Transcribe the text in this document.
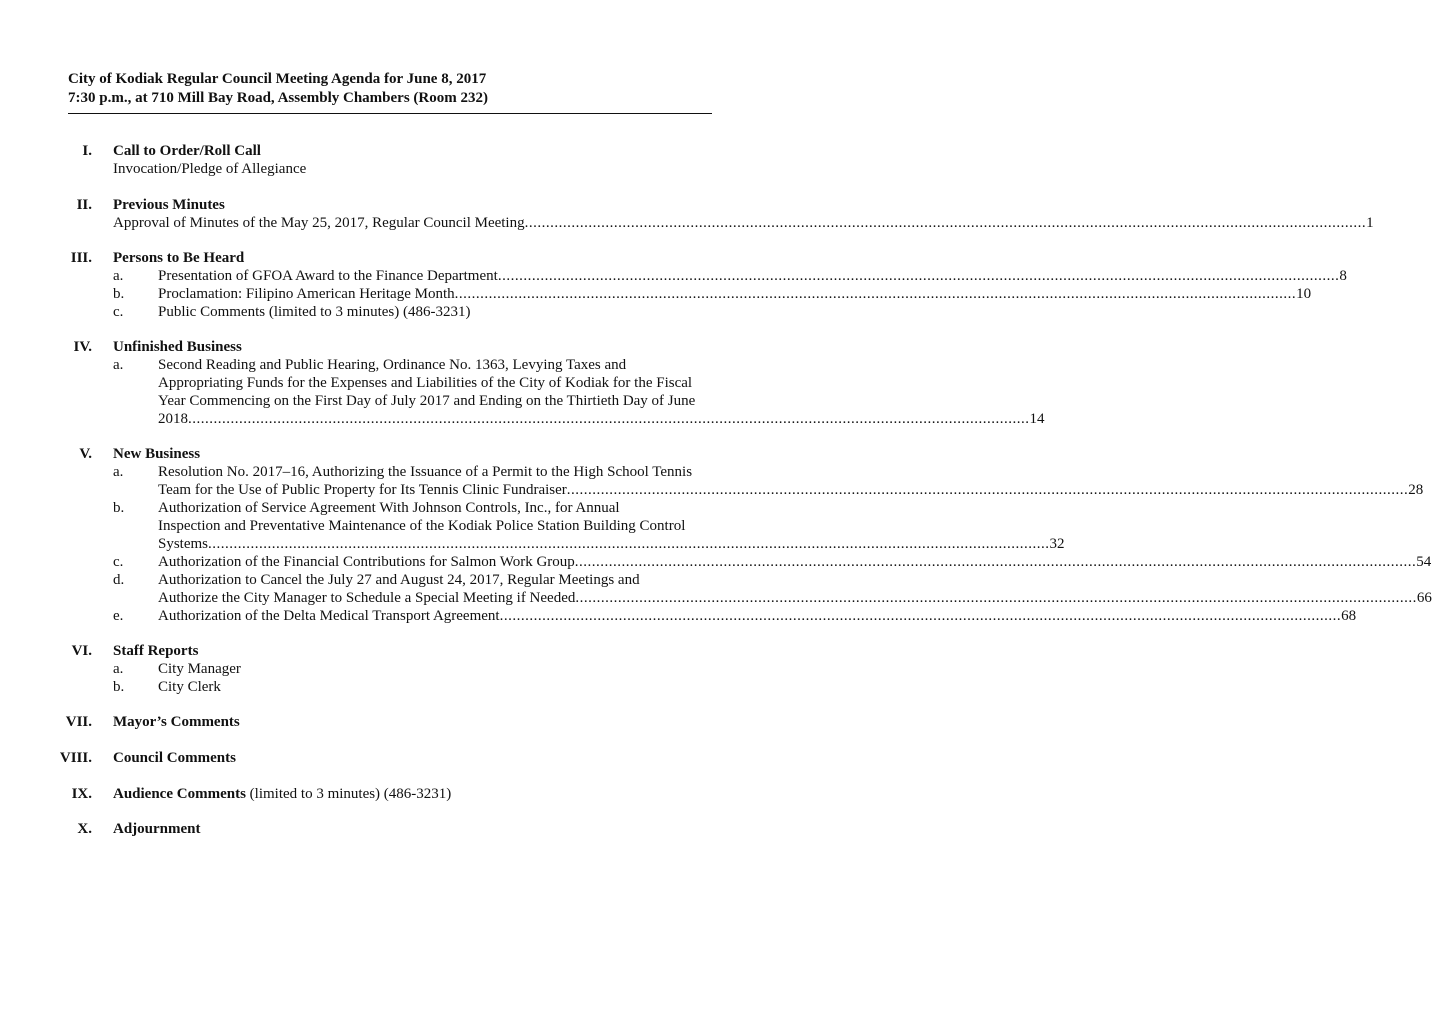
City of Kodiak Regular Council Meeting Agenda for June 8, 2017
7:30 p.m., at 710 Mill Bay Road, Assembly Chambers (Room 232)
I. Call to Order/Roll Call
Invocation/Pledge of Allegiance
II. Previous Minutes
Approval of Minutes of the May 25, 2017, Regular Council Meeting ...................................................................................................................................................................................................... 1
III. Persons to Be Heard
a. Presentation of GFOA Award to the Finance Department ...................................................................................................................................................................................................... 8
b. Proclamation: Filipino American Heritage Month ...................................................................................................................................................................................................... 10
c. Public Comments (limited to 3 minutes) (486-3231)
IV. Unfinished Business
a. Second Reading and Public Hearing, Ordinance No. 1363, Levying Taxes and
Appropriating Funds for the Expenses and Liabilities of the City of Kodiak for the Fiscal
Year Commencing on the First Day of July 2017 and Ending on the Thirtieth Day of June
2018 ...................................................................................................................................................................................................... 14
V. New Business
a. Resolution No. 2017–16, Authorizing the Issuance of a Permit to the High School Tennis
Team for the Use of Public Property for Its Tennis Clinic Fundraiser ...................................................................................................................................................................................................... 28
b. Authorization of Service Agreement With Johnson Controls, Inc., for Annual
Inspection and Preventative Maintenance of the Kodiak Police Station Building Control
Systems ...................................................................................................................................................................................................... 32
c. Authorization of the Financial Contributions for Salmon Work Group ...................................................................................................................................................................................................... 54
d. Authorization to Cancel the July 27 and August 24, 2017, Regular Meetings and
Authorize the City Manager to Schedule a Special Meeting if Needed ...................................................................................................................................................................................................... 66
e. Authorization of the Delta Medical Transport Agreement ...................................................................................................................................................................................................... 68
VI. Staff Reports
a. City Manager
b. City Clerk
VII. Mayor’s Comments
VIII. Council Comments
IX. Audience Comments (limited to 3 minutes) (486-3231)
X. Adjournment
